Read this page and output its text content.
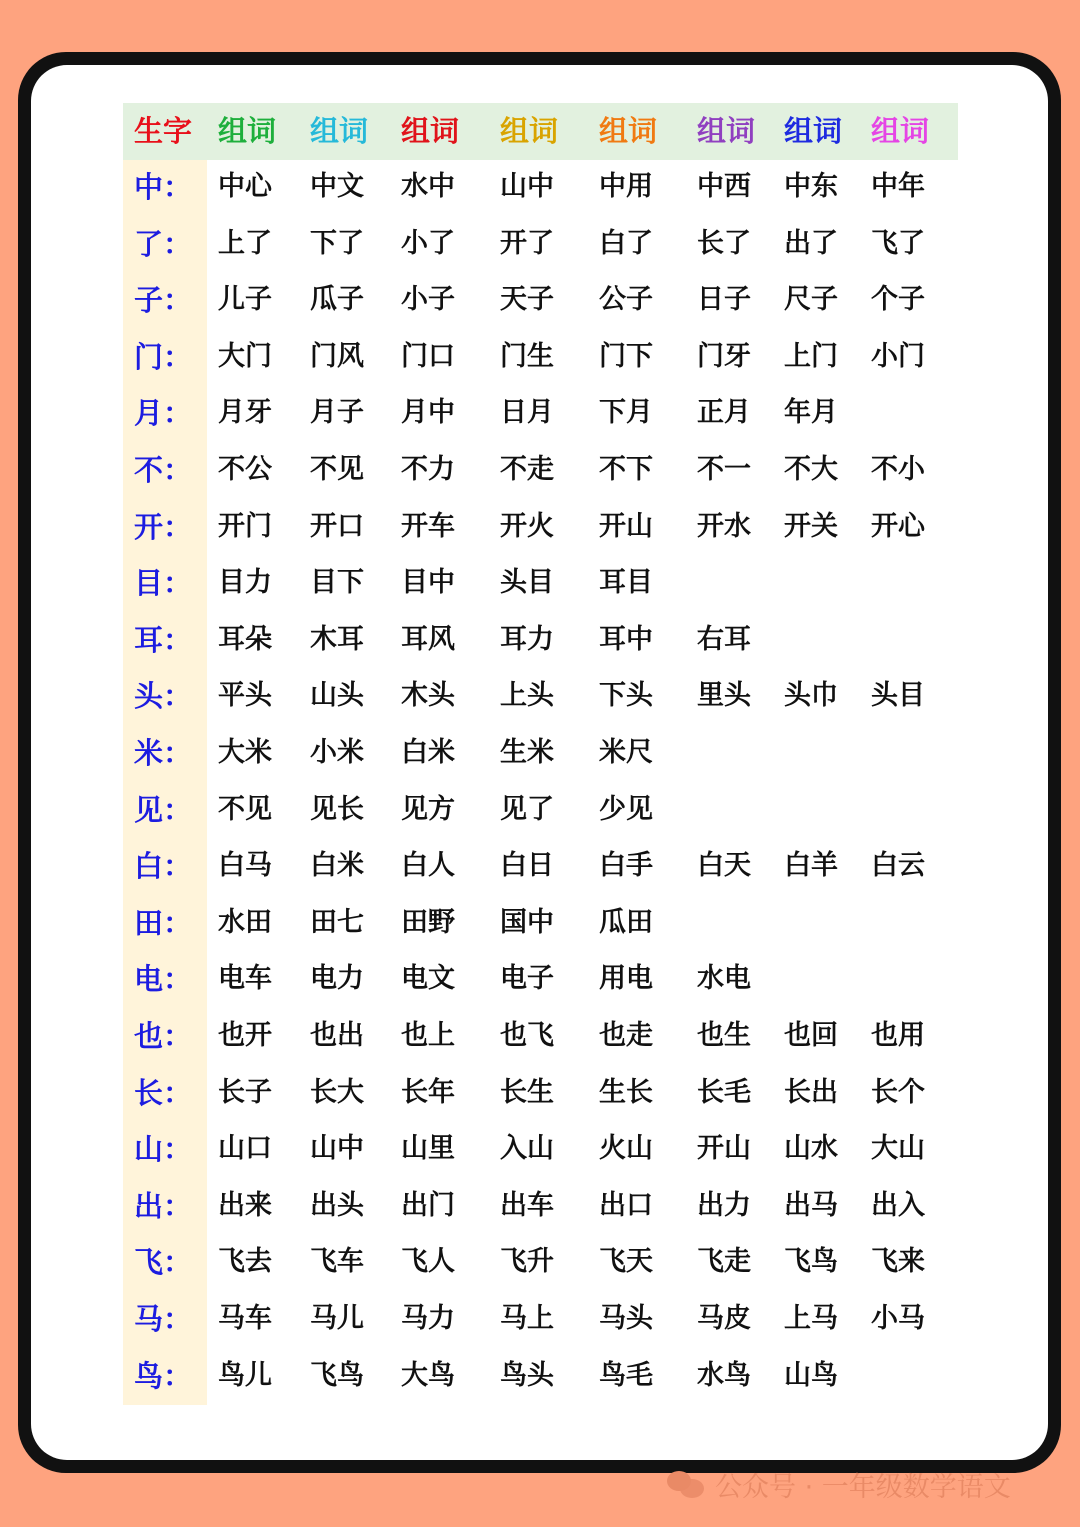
生字 组词 组词 组词 组词 组词 组词 组词 组词
中： 中心 中文 水中 山中 中用 中西 中东 中年
了： 上了 下了 小了 开了 白了 长了 出了 飞了
子： 儿子 瓜子 小子 天子 公子 日子 尺子 个子
门： 大门 门风 门口 门生 门下 门牙 上门 小门
月： 月牙 月子 月中 日月 下月 正月 年月
不： 不公 不见 不力 不走 不下 不一 不大 不小
开： 开门 开口 开车 开火 开山 开水 开关 开心
目： 目力 目下 目中 头目 耳目
耳： 耳朵 木耳 耳风 耳力 耳中 右耳
头： 平头 山头 木头 上头 下头 里头 头巾 头目
米： 大米 小米 白米 生米 米尺
见： 不见 见长 见方 见了 少见
白： 白马 白米 白人 白日 白手 白天 白羊 白云
田： 水田 田七 田野 国中 瓜田
电： 电车 电力 电文 电子 用电 水电
也： 也开 也出 也上 也飞 也走 也生 也回 也用
长： 长子 长大 长年 长生 生长 长毛 长出 长个
山： 山口 山中 山里 入山 火山 开山 山水 大山
出： 出来 出头 出门 出车 出口 出力 出马 出入
飞： 飞去 飞车 飞人 飞升 飞天 飞走 飞鸟 飞来
马： 马车 马儿 马力 马上 马头 马皮 上马 小马
鸟： 鸟儿 飞鸟 大鸟 鸟头 鸟毛 水鸟 山鸟
公众号 · 一年级数学语文
